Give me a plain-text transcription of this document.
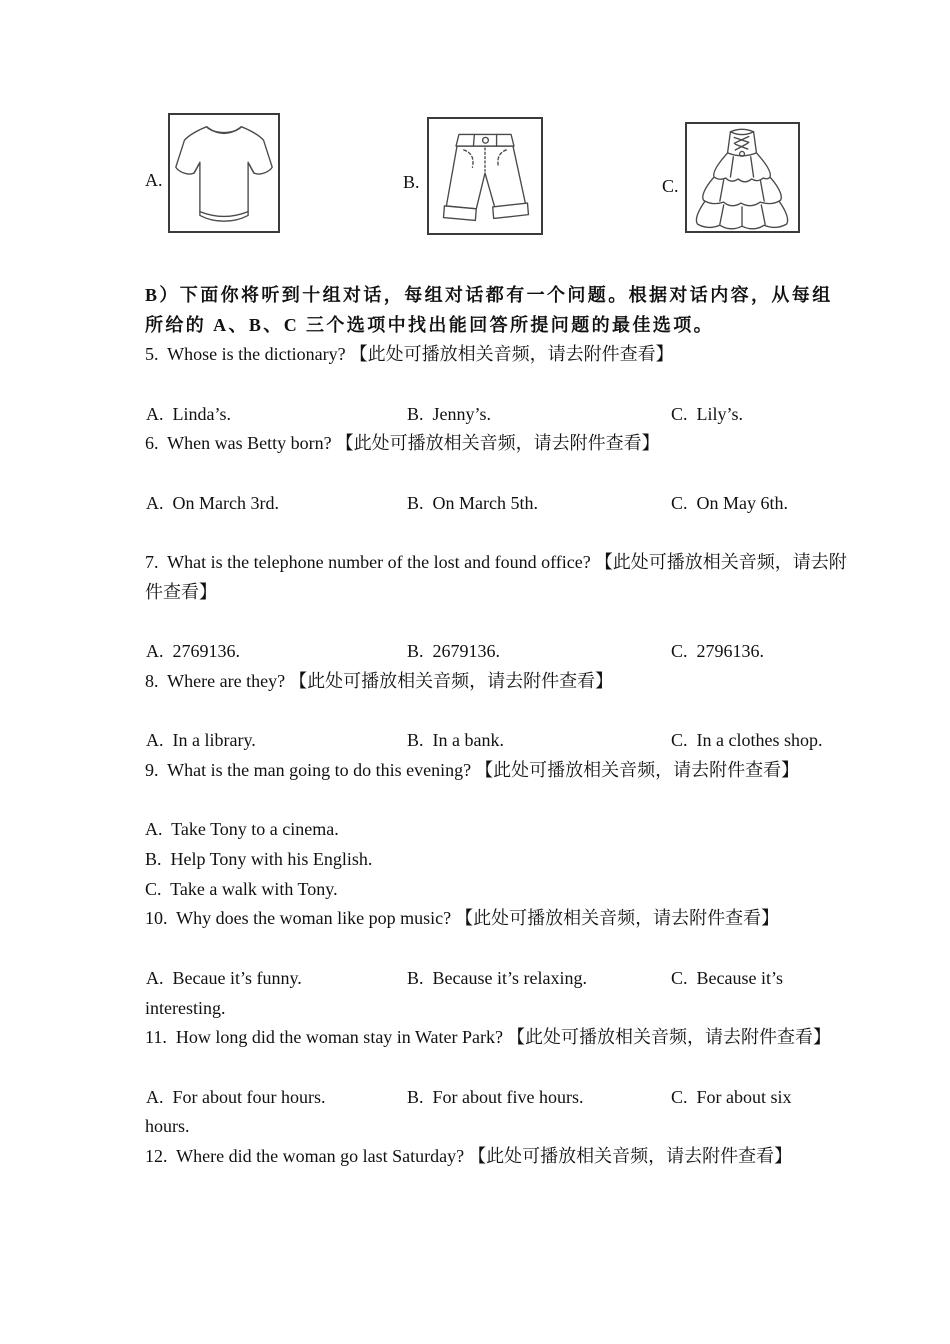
A.	B.	C.
B）下面你将听到十组对话，每组对话都有一个问题。根据对话内容，从每组
所给的 A、B、C 三个选项中找出能回答所提问题的最佳选项。
5.  Whose is the dictionary? 【此处可播放相关音频，请去附件查看】

A.  Linda’s.

	B.  Jenny’s.

	C.  Lily’s.

6.  When was Betty born? 【此处可播放相关音频，请去附件查看】

A.  On March 3rd.

	B.  On March 5th.

	C.  On May 6th.

7.  What is the telephone number of the lost and found office? 【此处可播放相关音频，请去附
件查看】

A.  2769136.

	B.  2679136.

	C.  2796136.

8.  Where are they? 【此处可播放相关音频，请去附件查看】

A.  In a library.

	B.  In a bank.

	C.  In a clothes shop.

9.  What is the man going to do this evening? 【此处可播放相关音频，请去附件查看】
A.  Take Tony to a cinema.
B.  Help Tony with his English.
C.  Take a walk with Tony.
10.  Why does the woman like pop music? 【此处可播放相关音频，请去附件查看】

A.  Becaue it’s funny.

	B.  Because it’s relaxing.

	C.  Because it’s

interesting.
11.  How long did the woman stay in Water Park? 【此处可播放相关音频，请去附件查看】

A.  For about four hours.

	B.  For about five hours.

	C.  For about six

hours.
12.  Where did the woman go last Saturday? 【此处可播放相关音频，请去附件查看】
